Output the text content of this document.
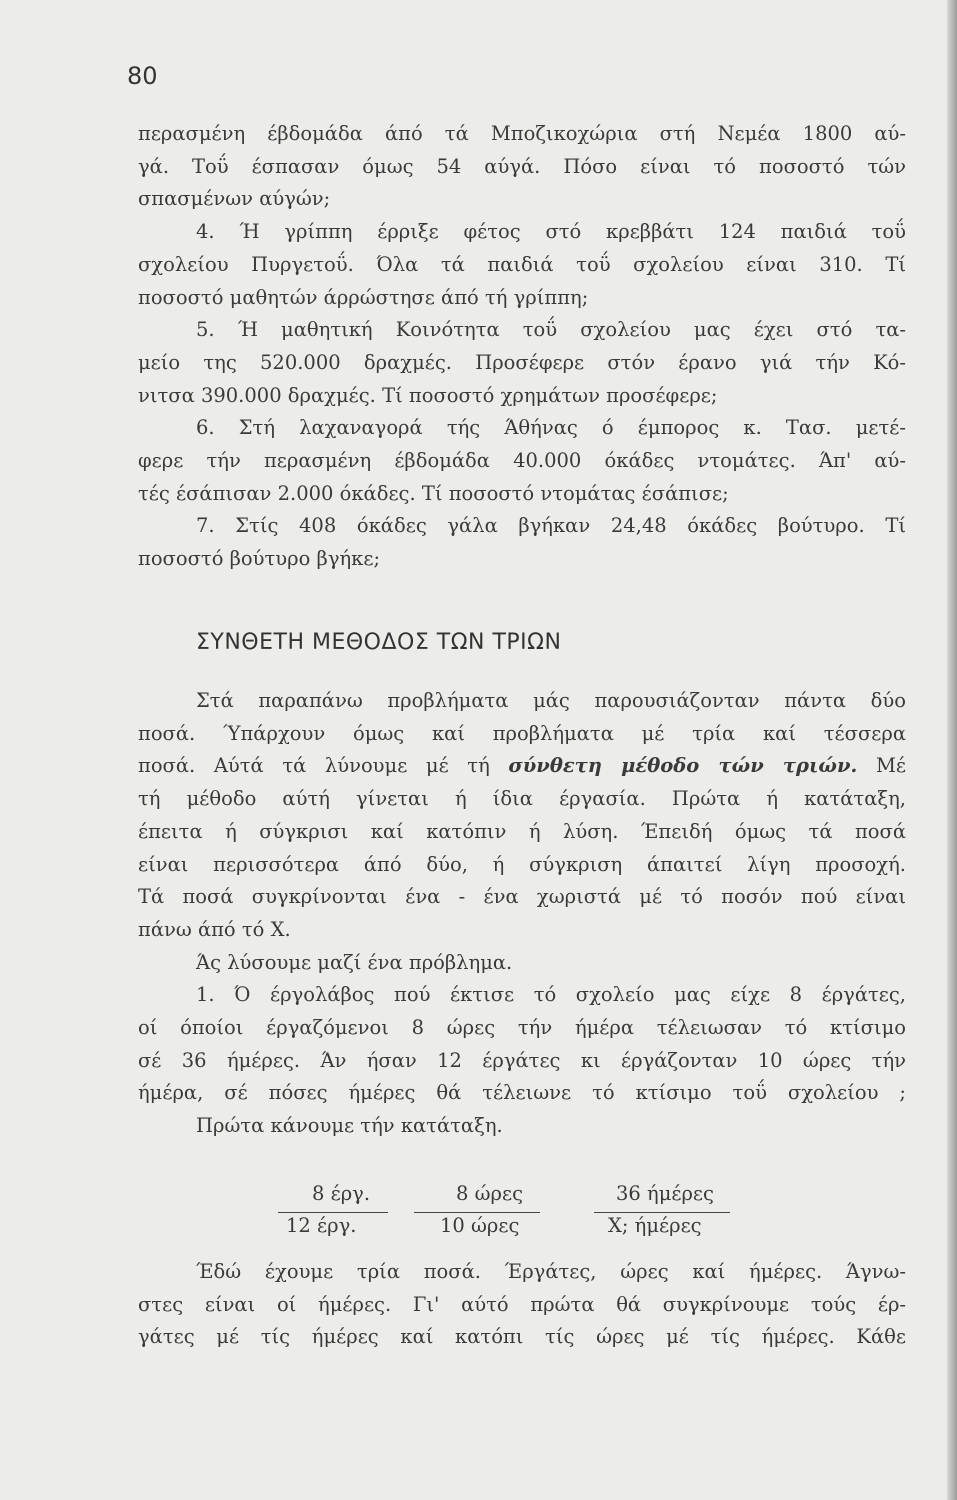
80
περασμένη έβδομάδα άπό τά Μποζικοχώρια στή Νεμέα 1800 αύ-
γά. Τοΰ έσπασαν όμως 54 αύγά. Πόσο είναι τό ποσοστό τών
σπασμένων αύγών;
4. Ή γρίππη έρριξε φέτος στό κρεββάτι 124 παιδιά τοΰ
σχολείου Πυργετοΰ. Όλα τά παιδιά τοΰ σχολείου είναι 310. Τί
ποσοστό μαθητών άρρώστησε άπό τή γρίππη;
5. Ή μαθητική Κοινότητα τοΰ σχολείου μας έχει στό τα-
μείο της 520.000 δραχμές. Προσέφερε στόν έρανο γιά τήν Κό-
νιτσα 390.000 δραχμές. Τί ποσοστό χρημάτων προσέφερε;
6. Στή λαχαναγορά τής Άθήνας ό έμπορος κ. Τασ. μετέ-
φερε τήν περασμένη έβδομάδα 40.000 όκάδες ντομάτες. Άπ' αύ-
τές έσάπισαν 2.000 όκάδες. Τί ποσοστό ντομάτας έσάπισε;
7. Στίς 408 όκάδες γάλα βγήκαν 24,48 όκάδες βούτυρο. Τί
ποσοστό βούτυρο βγήκε;
ΣΥΝΘΕΤΗ ΜΕΘΟΔΟΣ ΤΩΝ ΤΡΙΩΝ
Στά παραπάνω προβλήματα μάς παρουσιάζονταν πάντα δύο
ποσά. Ύπάρχουν όμως καί προβλήματα μέ τρία καί τέσσερα
ποσά. Αύτά τά λύνουμε μέ τή σύνθετη μέθοδο τών τριών. Μέ
τή μέθοδο αύτή γίνεται ή ίδια έργασία. Πρώτα ή κατάταξη,
έπειτα ή σύγκρισι καί κατόπιν ή λύση. Έπειδή όμως τά ποσά
είναι περισσότερα άπό δύο, ή σύγκριση άπαιτεί λίγη προσοχή.
Τά ποσά συγκρίνονται ένα - ένα χωριστά μέ τό ποσόν πού είναι
πάνω άπό τό Χ.
Άς λύσουμε μαζί ένα πρόβλημα.
1. Ό έργολάβος πού έκτισε τό σχολείο μας είχε 8 έργάτες,
οί όποίοι έργαζόμενοι 8 ώρες τήν ήμέρα τέλειωσαν τό κτίσιμο
σέ 36 ήμέρες. Άν ήσαν 12 έργάτες κι έργάζονταν 10 ώρες τήν
ήμέρα, σέ πόσες ήμέρες θά τέλειωνε τό κτίσιμο τοΰ σχολείου ;
Πρώτα κάνουμε τήν κατάταξη.
8 έργ.	8 ώρες	36 ήμέρες
12 έργ.	10 ώρες	Χ; ήμέρες
Έδώ έχουμε τρία ποσά. Έργάτες, ώρες καί ήμέρες. Άγνω-
στες είναι οί ήμέρες. Γι' αύτό πρώτα θά συγκρίνουμε τούς έρ-
γάτες μέ τίς ήμέρες καί κατόπι τίς ώρες μέ τίς ήμέρες. Κάθε
